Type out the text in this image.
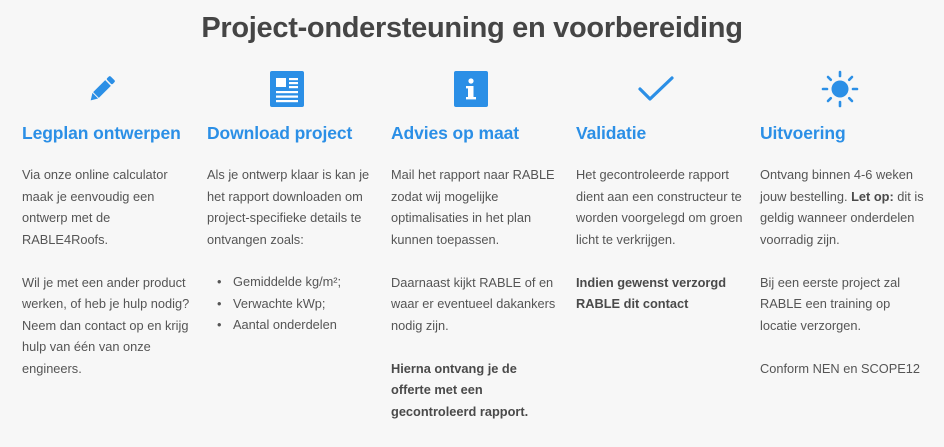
Project-ondersteuning en voorbereiding
Legplan ontwerpen

Via onze online calculator maak je eenvoudig een ontwerp met de RABLE4Roofs.

Wil je met een ander product werken, of heb je hulp nodig? Neem dan contact op en krijg hulp van één van onze engineers.

Download project

Als je ontwerp klaar is kan je het rapport downloaden om project-specifieke details te ontvangen zoals:

• Gemiddelde kg/m²;
• Verwachte kWp;
• Aantal onderdelen
Advies op maat

Mail het rapport naar RABLE zodat wij mogelijke optimalisaties in het plan kunnen toepassen.

Daarnaast kijkt RABLE of en waar er eventueel dakankers nodig zijn.

Hierna ontvang je de offerte met een gecontroleerd rapport.

Validatie

Het gecontroleerde rapport dient aan een constructeur te worden voorgelegd om groen licht te verkrijgen.

Indien gewenst verzorgd RABLE dit contact

Uitvoering

Ontvang binnen 4-6 weken jouw bestelling. Let op: dit is geldig wanneer onderdelen voorradig zijn.

Bij een eerste project zal RABLE een training op locatie verzorgen.

Conform NEN en SCOPE12
